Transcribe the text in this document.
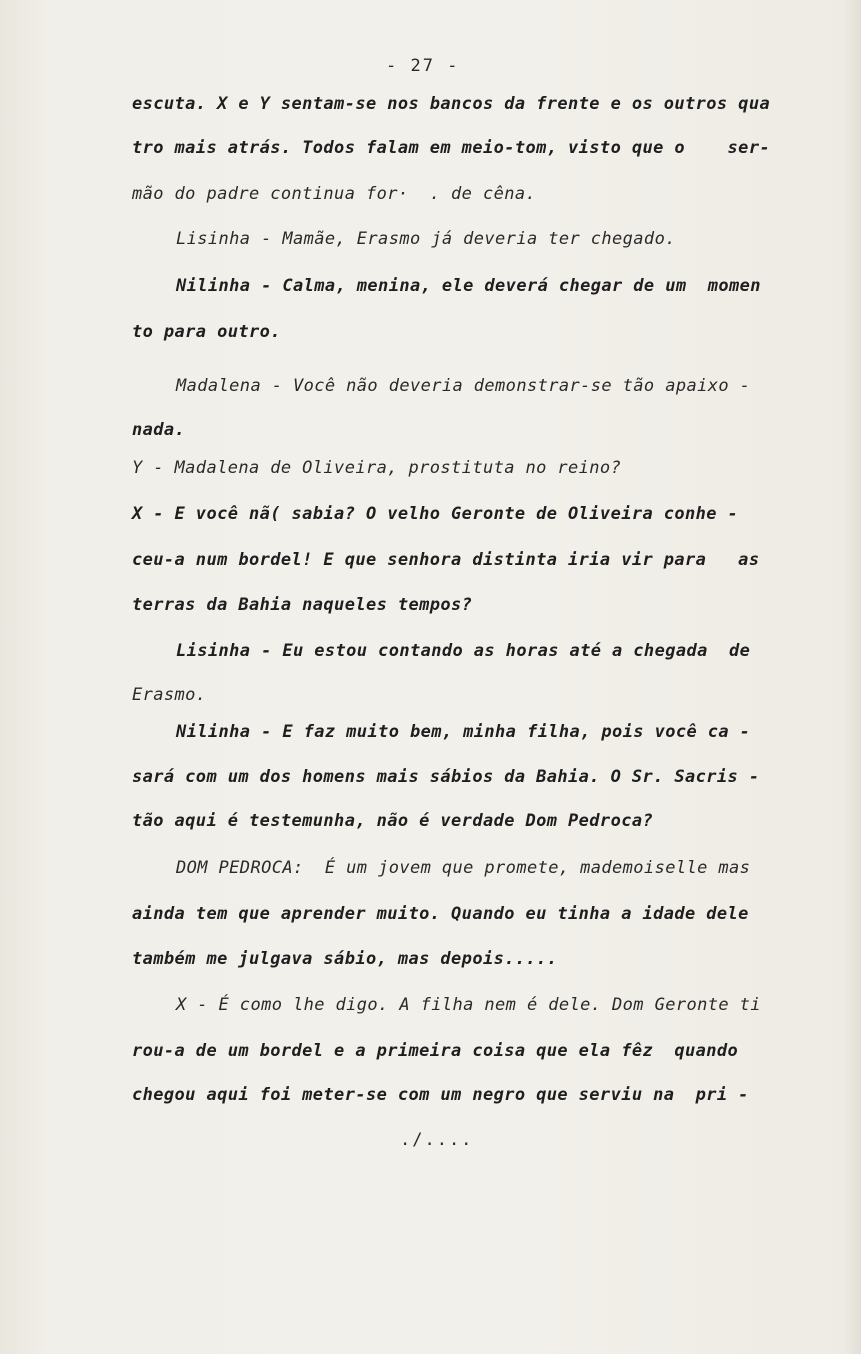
- 27 -
escuta. X e Y sentam-se nos bancos da frente e os outros qua
tro mais atrás. Todos falam em meio-tom, visto que o    ser-
mão do padre continua for·  . de cêna.
Lisinha - Mamãe, Erasmo já deveria ter chegado.
Nilinha - Calma, menina, ele deverá chegar de um  momen
to para outro.
Madalena - Você não deveria demonstrar-se tão apaixo -
nada.
Y - Madalena de Oliveira, prostituta no reino?
X - E você nã( sabia? O velho Geronte de Oliveira conhe -
ceu-a num bordel! E que senhora distinta iria vir para   as
terras da Bahia naqueles tempos?
Lisinha - Eu estou contando as horas até a chegada  de
Erasmo.
Nilinha - E faz muito bem, minha filha, pois você ca -
sará com um dos homens mais sábios da Bahia. O Sr. Sacris -
tão aqui é testemunha, não é verdade Dom Pedroca?
DOM PEDROCA:  É um jovem que promete, mademoiselle mas
ainda tem que aprender muito. Quando eu tinha a idade dele
também me julgava sábio, mas depois.....
X - É como lhe digo. A filha nem é dele. Dom Geronte ti
rou-a de um bordel e a primeira coisa que ela fêz  quando
chegou aqui foi meter-se com um negro que serviu na  pri -
./....
